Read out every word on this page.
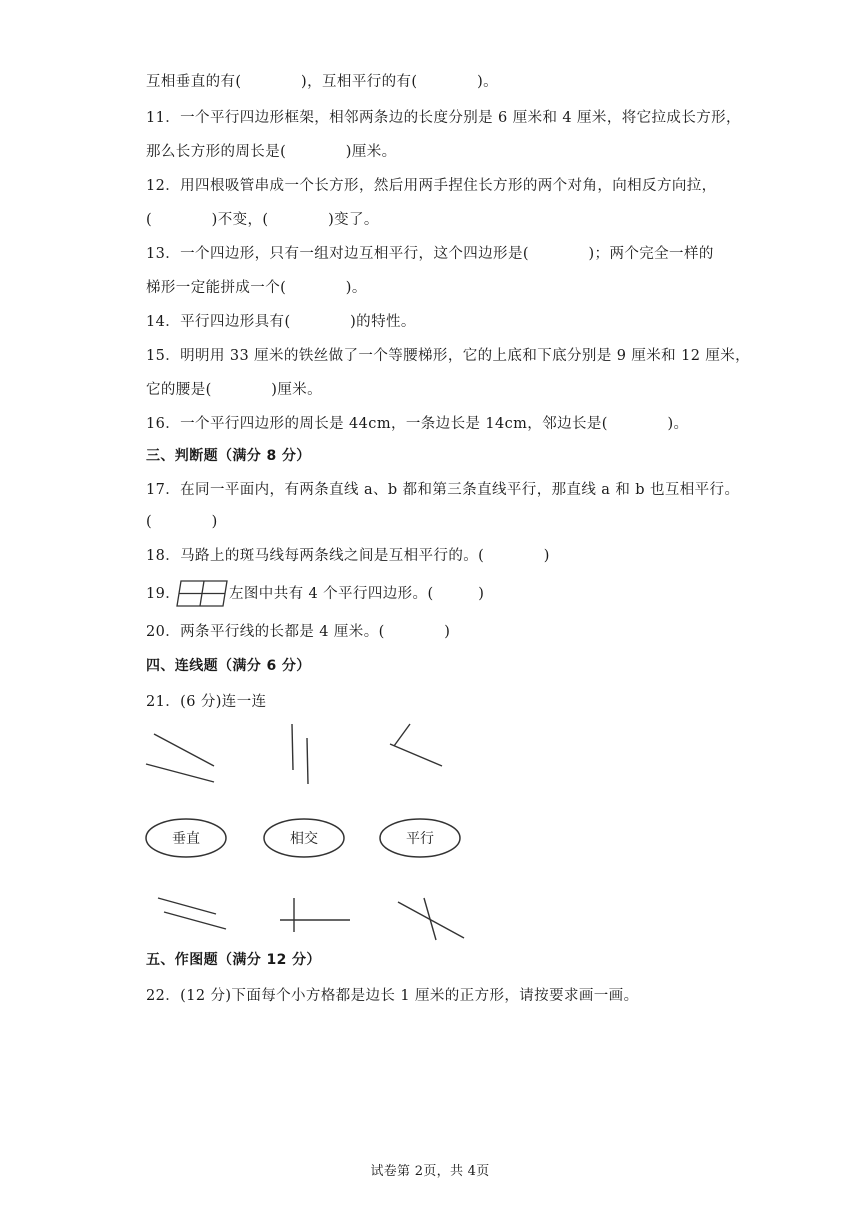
互相垂直的有(　　　　)，互相平行的有(　　　　)。
11．一个平行四边形框架，相邻两条边的长度分别是 6 厘米和 4 厘米，将它拉成长方形，
那么长方形的周长是(　　　　)厘米。
12．用四根吸管串成一个长方形，然后用两手捏住长方形的两个对角，向相反方向拉，
(　　　　)不变，(　　　　)变了。
13．一个四边形，只有一组对边互相平行，这个四边形是(　　　　)；两个完全一样的
梯形一定能拼成一个(　　　　)。
14．平行四边形具有(　　　　)的特性。
15．明明用 33 厘米的铁丝做了一个等腰梯形，它的上底和下底分别是 9 厘米和 12 厘米，
它的腰是(　　　　)厘米。
16．一个平行四边形的周长是 44cm，一条边长是 14cm，邻边长是(　　　　)。
三、判断题（满分 8 分）
17．在同一平面内，有两条直线 a、b 都和第三条直线平行，那直线 a 和 b 也互相平行。
(　　　　)
18．马路上的斑马线每两条线之间是互相平行的。(　　　　)
19．	左图中共有 4 个平行四边形。(　　　)
20．两条平行线的长都是 4 厘米。(　　　　)
四、连线题（满分 6 分）
21．(6 分)连一连
垂直	相交	平行
五、作图题（满分 12 分）
22．(12 分)下面每个小方格都是边长 1 厘米的正方形，请按要求画一画。
试卷第 2页，共 4页
